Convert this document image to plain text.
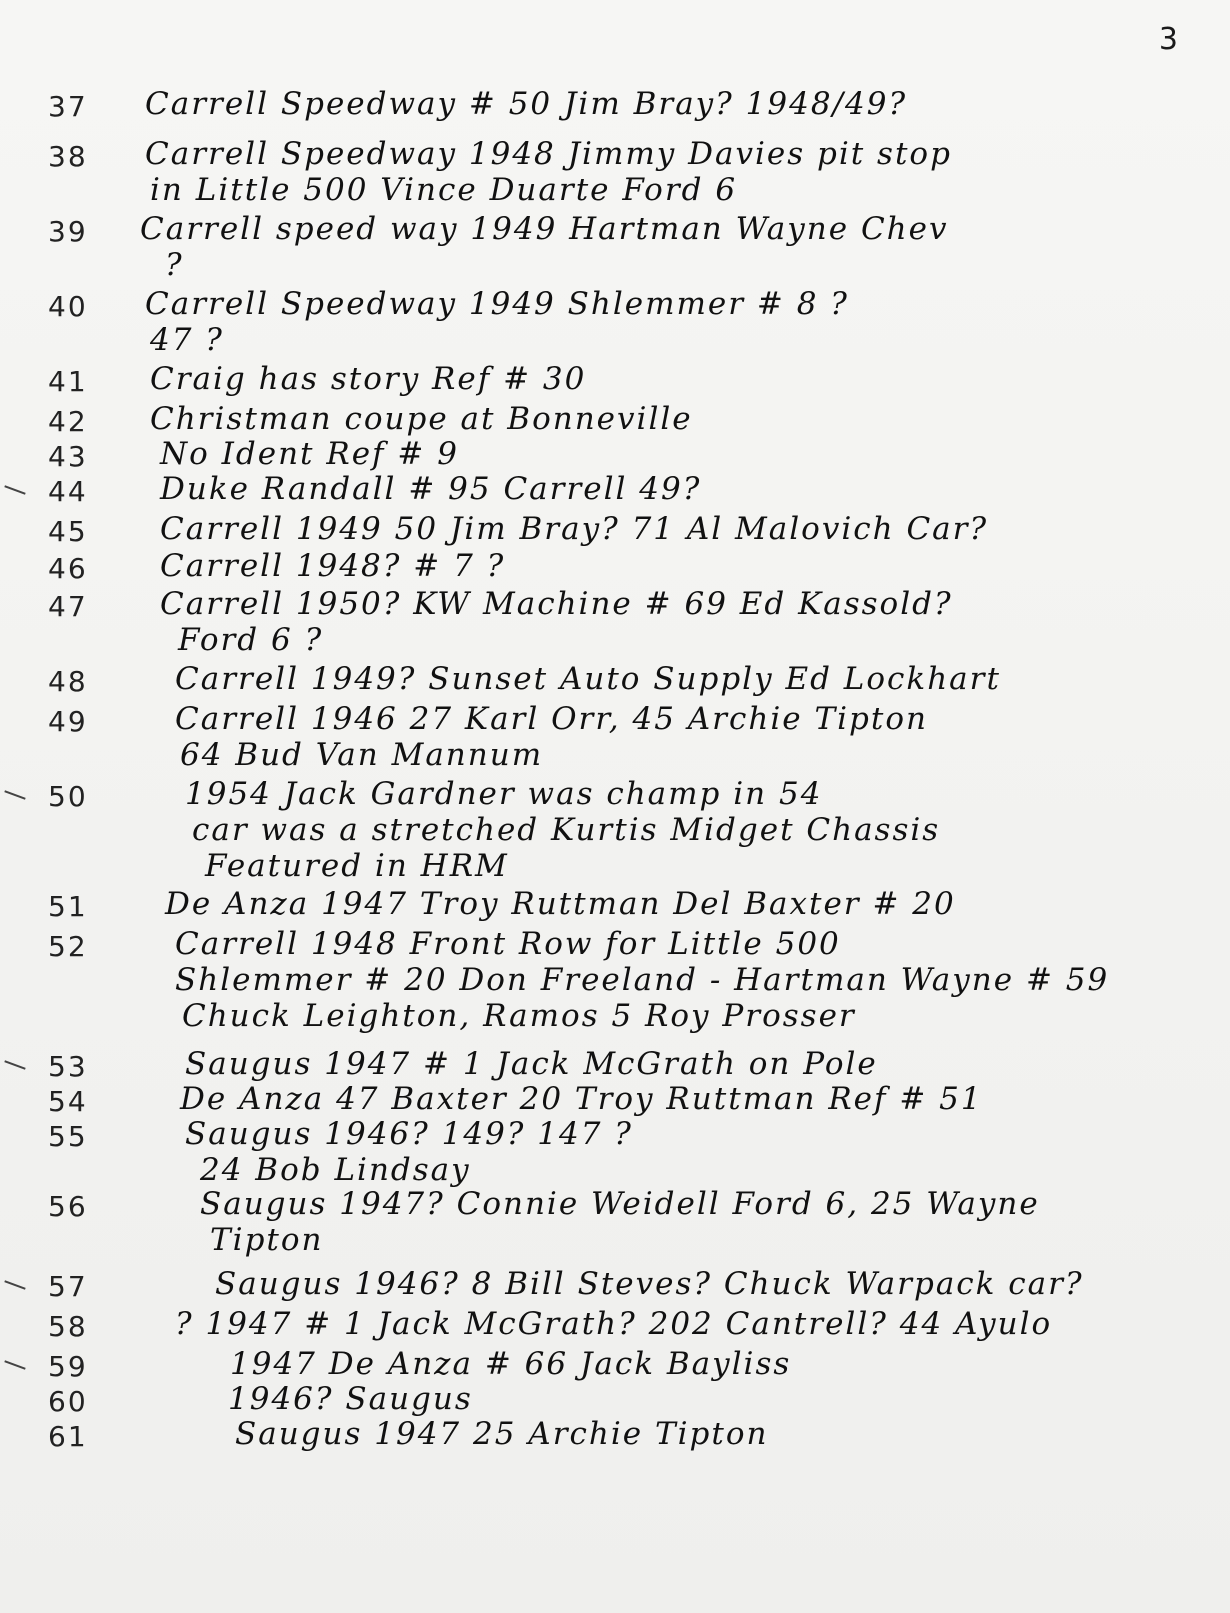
3
37	Carrell Speedway # 50 Jim Bray? 1948/49?
38	Carrell Speedway 1948 Jimmy Davies pit stop
in Little 500 Vince Duarte Ford 6
39	Carrell speed way 1949 Hartman Wayne Chev
?
40	Carrell Speedway 1949 Shlemmer # 8 ?
47 ?
41	Craig has story Ref # 30
42	Christman coupe at Bonneville
43	No Ident Ref # 9
44	Duke Randall # 95 Carrell 49?
45	Carrell 1949 50 Jim Bray? 71 Al Malovich Car?
46	Carrell 1948? # 7 ?
47	Carrell 1950? KW Machine # 69 Ed Kassold?
Ford 6 ?
48	Carrell 1949? Sunset Auto Supply Ed Lockhart
49	Carrell 1946 27 Karl Orr, 45 Archie Tipton
64 Bud Van Mannum
50	1954 Jack Gardner was champ in 54
car was a stretched Kurtis Midget Chassis
Featured in HRM
51	De Anza 1947 Troy Ruttman Del Baxter # 20
52	Carrell 1948 Front Row for Little 500
Shlemmer # 20 Don Freeland - Hartman Wayne # 59
Chuck Leighton, Ramos 5 Roy Prosser
53	Saugus 1947 # 1 Jack McGrath on Pole
54	De Anza 47 Baxter 20 Troy Ruttman Ref # 51
55	Saugus 1946? 149? 147 ?
24 Bob Lindsay
56	Saugus 1947? Connie Weidell Ford 6, 25 Wayne
Tipton
57	Saugus 1946? 8 Bill Steves? Chuck Warpack car?
58	? 1947 # 1 Jack McGrath? 202 Cantrell? 44 Ayulo
59	1947 De Anza # 66 Jack Bayliss
60	1946? Saugus
61	Saugus 1947 25 Archie Tipton
